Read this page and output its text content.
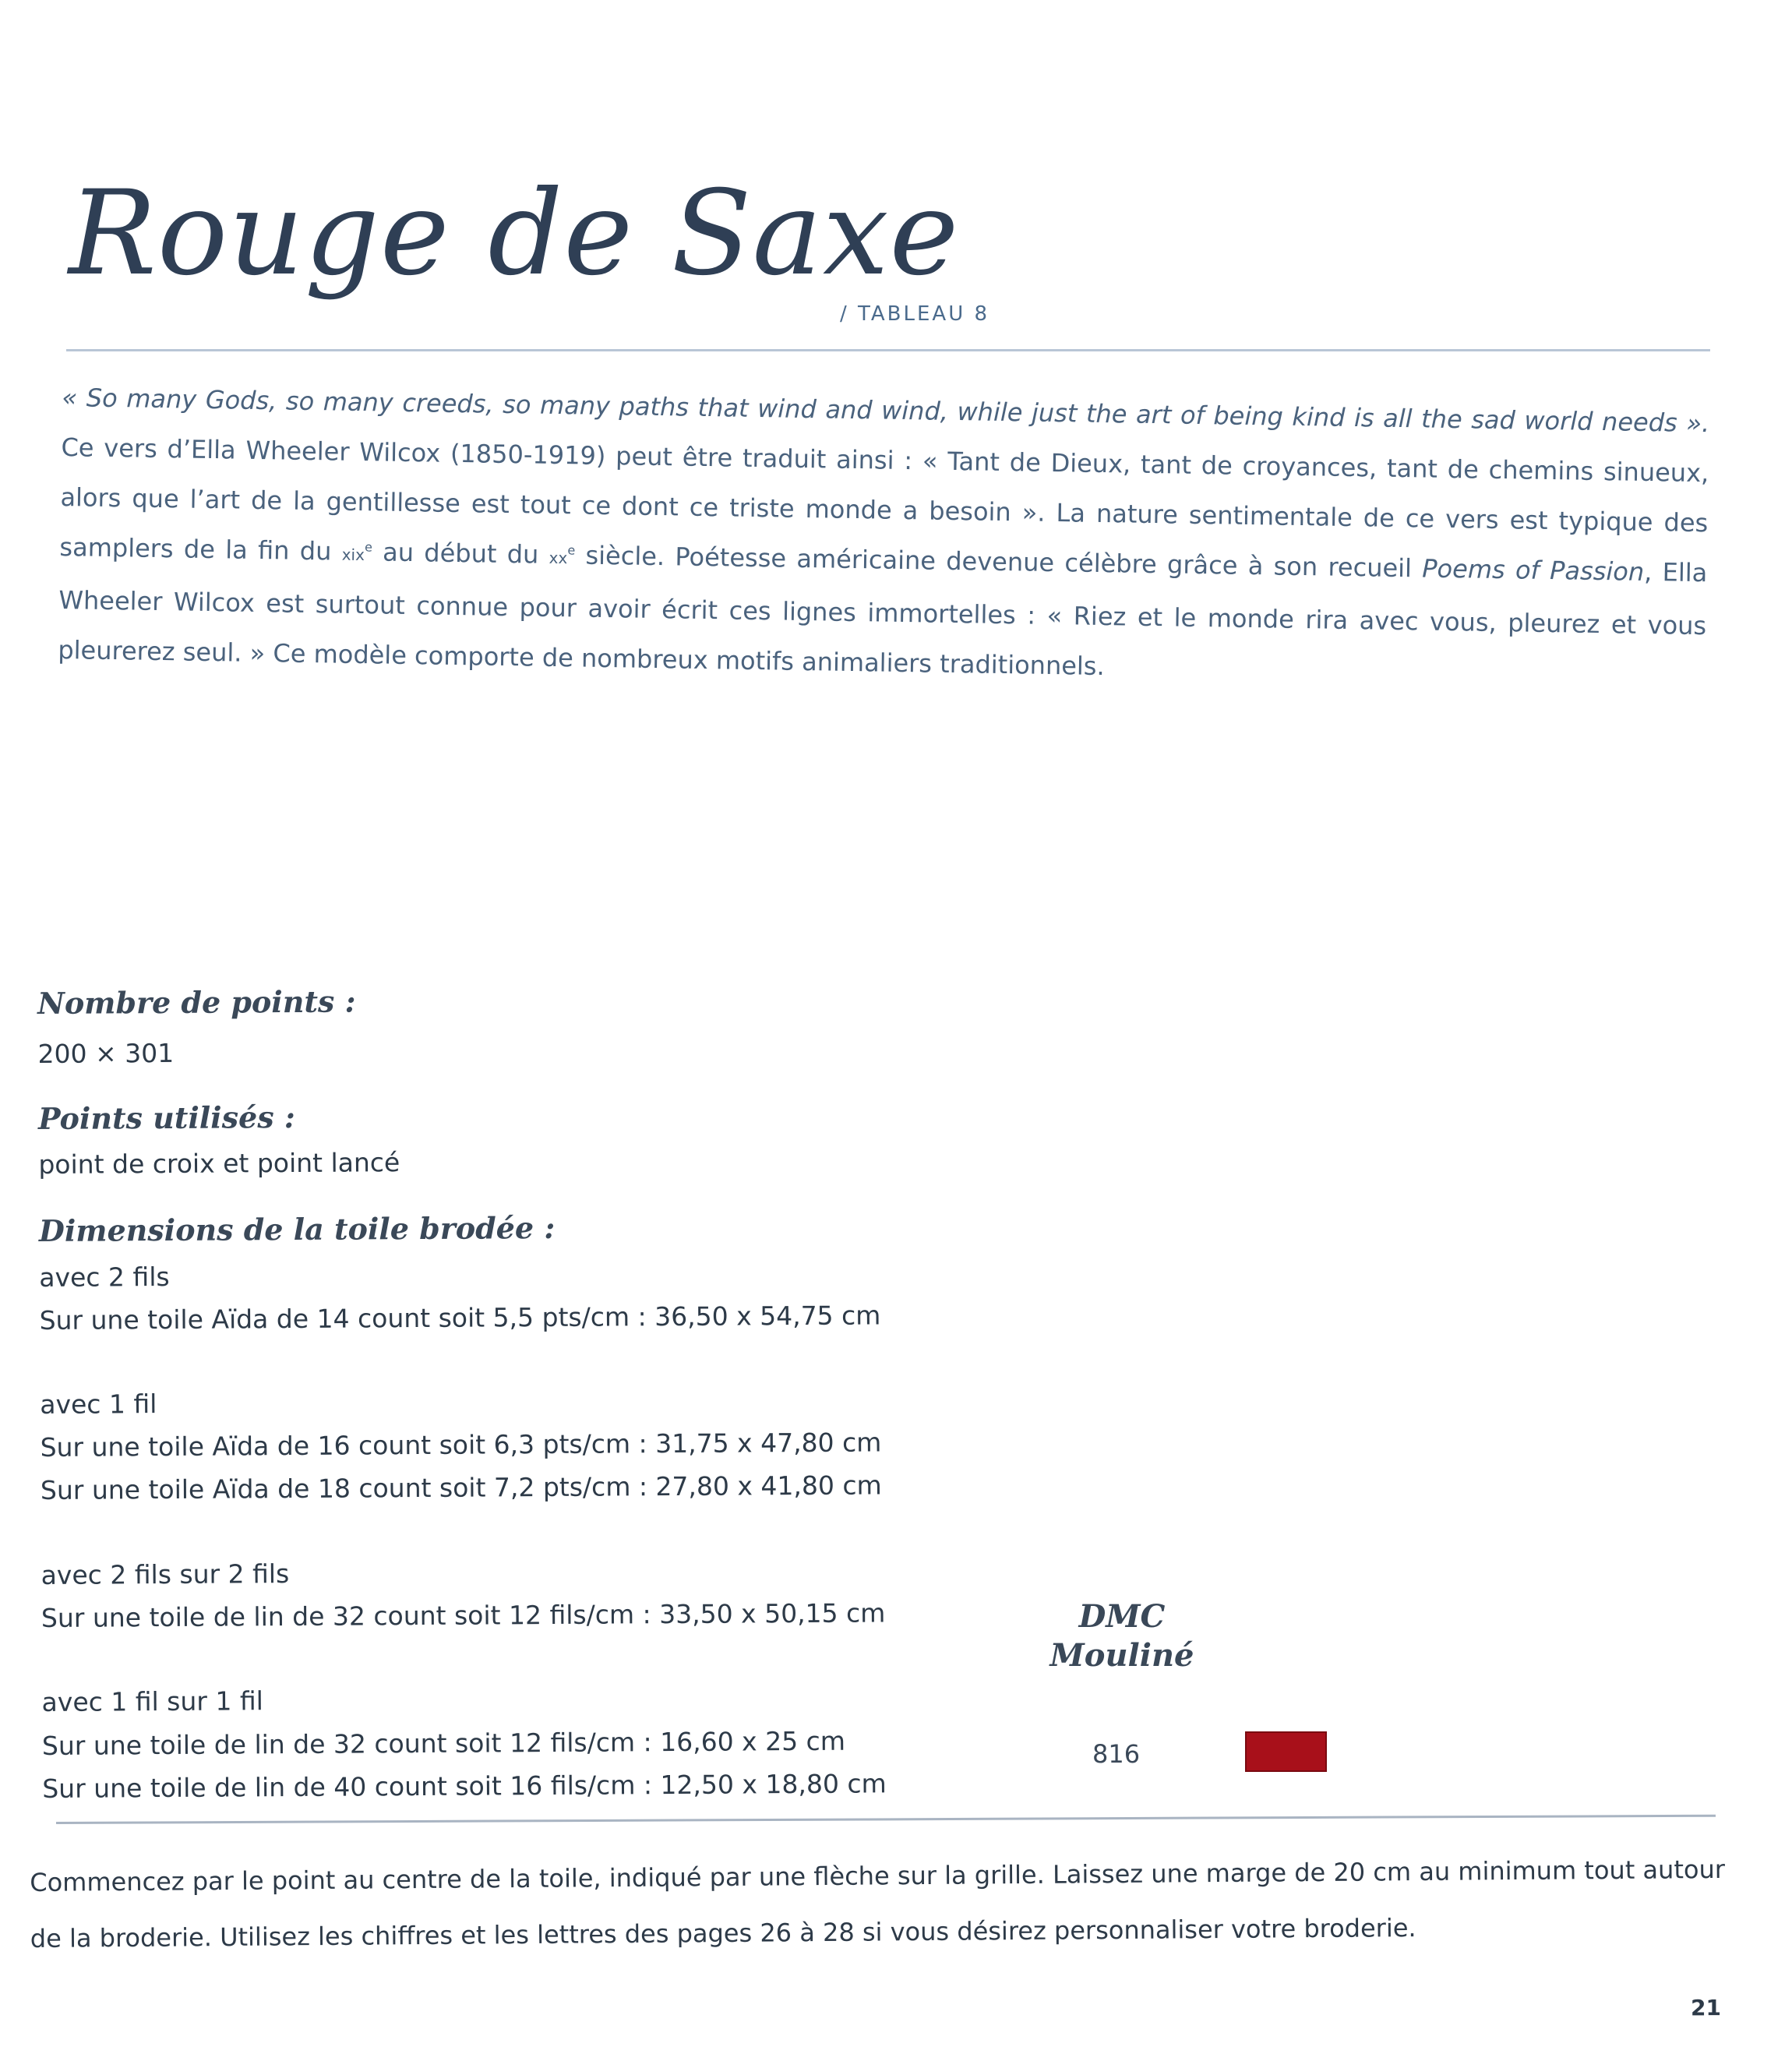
Rouge de Saxe
/ TABLEAU 8

« So many Gods, so many creeds, so many paths that wind and wind, while just the art of being kind is all the sad world needs ». Ce vers d’Ella Wheeler Wilcox (1850-1919) peut être traduit ainsi : « Tant de Dieux, tant de croyances, tant de chemins sinueux, alors que l’art de la gentillesse est tout ce dont ce triste monde a besoin ». La nature sentimentale de ce vers est typique des samplers de la fin du xix$^e$ au début du $xx^e$ siècle. Poétesse américaine devenue célèbre grâce à son recueil Poems of Passion, Ella Wheeler Wilcox est surtout connue pour avoir écrit ces lignes immortelles : « Riez et le monde rira avec vous, pleurez et vous pleurerez seul. » Ce modèle comporte de nombreux motifs animaliers traditionnels.

Nombre de points :
200 × 301
Points utilisés :
point de croix et point lancé
Dimensions de la toile brodée :
avec 2 fils
Sur une toile Aïda de 14 count soit 5,5 pts/cm : 36,50 x 54,75 cm
avec 1 fil
Sur une toile Aïda de 16 count soit 6,3 pts/cm : 31,75 x 47,80 cm
Sur une toile Aïda de 18 count soit 7,2 pts/cm : 27,80 x 41,80 cm
avec 2 fils sur 2 fils
Sur une toile de lin de 32 count soit 12 fils/cm : 33,50 x 50,15 cm
avec 1 fil sur 1 fil
Sur une toile de lin de 32 count soit 12 fils/cm : 16,60 x 25 cm
Sur une toile de lin de 40 count soit 16 fils/cm : 12,50 x 18,80 cm
DMC
Mouliné
816

Commencez par le point au centre de la toile, indiqué par une flèche sur la grille. Laissez une marge de 20 cm au minimum tout autour de la broderie. Utilisez les chiffres et les lettres des pages 26 à 28 si vous désirez personnaliser votre broderie.

21
